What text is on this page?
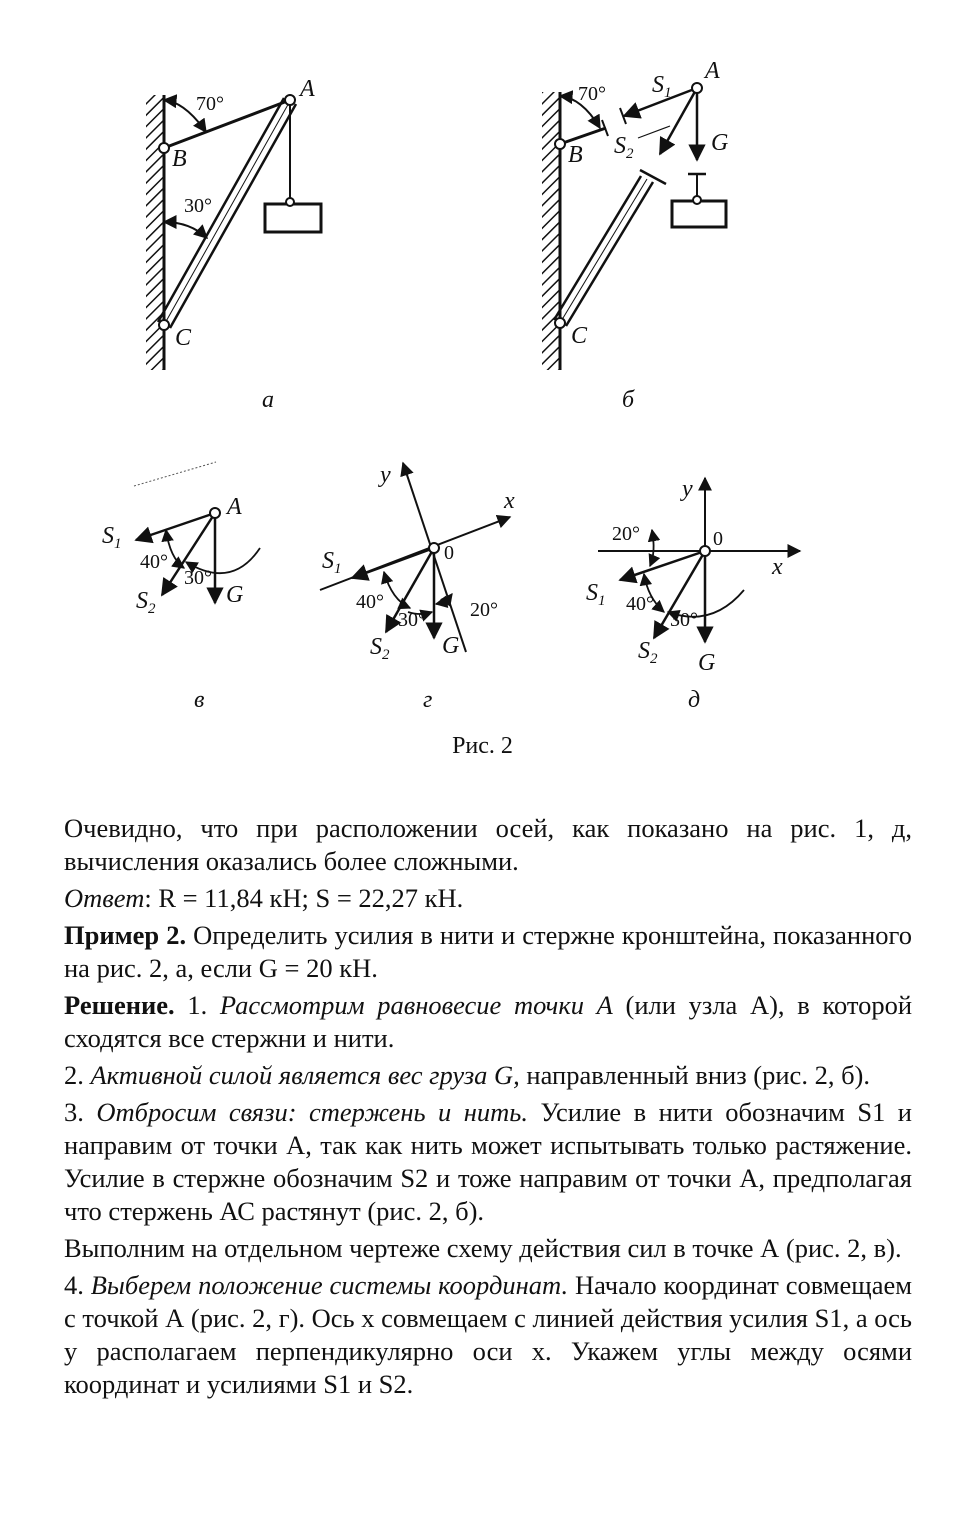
A
B
C
70°
30°
а
70°
A
B
C
$S_1$
$S_2$	G
б
A
40°
30°
$S_1$
$S_2$
G
в
y
x
0
40°
30° 20°
$S_1$
$S_2$ G
г
y
x
0
20°
40°
30°
$S_1$
$S_2$ G
д
Рис. 2

Очевидно, что при расположении осей, как показано на рис. 1, д, вычисления оказались более сложными.

Ответ: R = 11,84 кН; S = 22,27 кН.

Пример 2. Определить усилия в нити и стержне кронштейна, показанного на рис. 2, а, если G = 20 кН.

Решение. 1. Рассмотрим равновесие точки А (или узла А), в которой сходятся все стержни и нити.

2. Активной силой является вес груза G, направленный вниз (рис. 2, б).

3. Отбросим связи: стержень и нить. Усилие в нити обозначим S1 и направим от точки А, так как нить может испытывать только растяжение. Усилие в стержне обозначим S2 и тоже направим от точки А, предполагая что стержень АС растянут (рис. 2, б).

Выполним на отдельном чертеже схему действия сил в точке А (рис. 2, в).

4. Выберем положение системы координат. Начало координат совмещаем с точкой А (рис. 2, г). Ось x совмещаем с линией действия усилия S1, а ось y располагаем перпендикулярно оси x. Укажем углы между осями координат и усилиями S1 и S2.
